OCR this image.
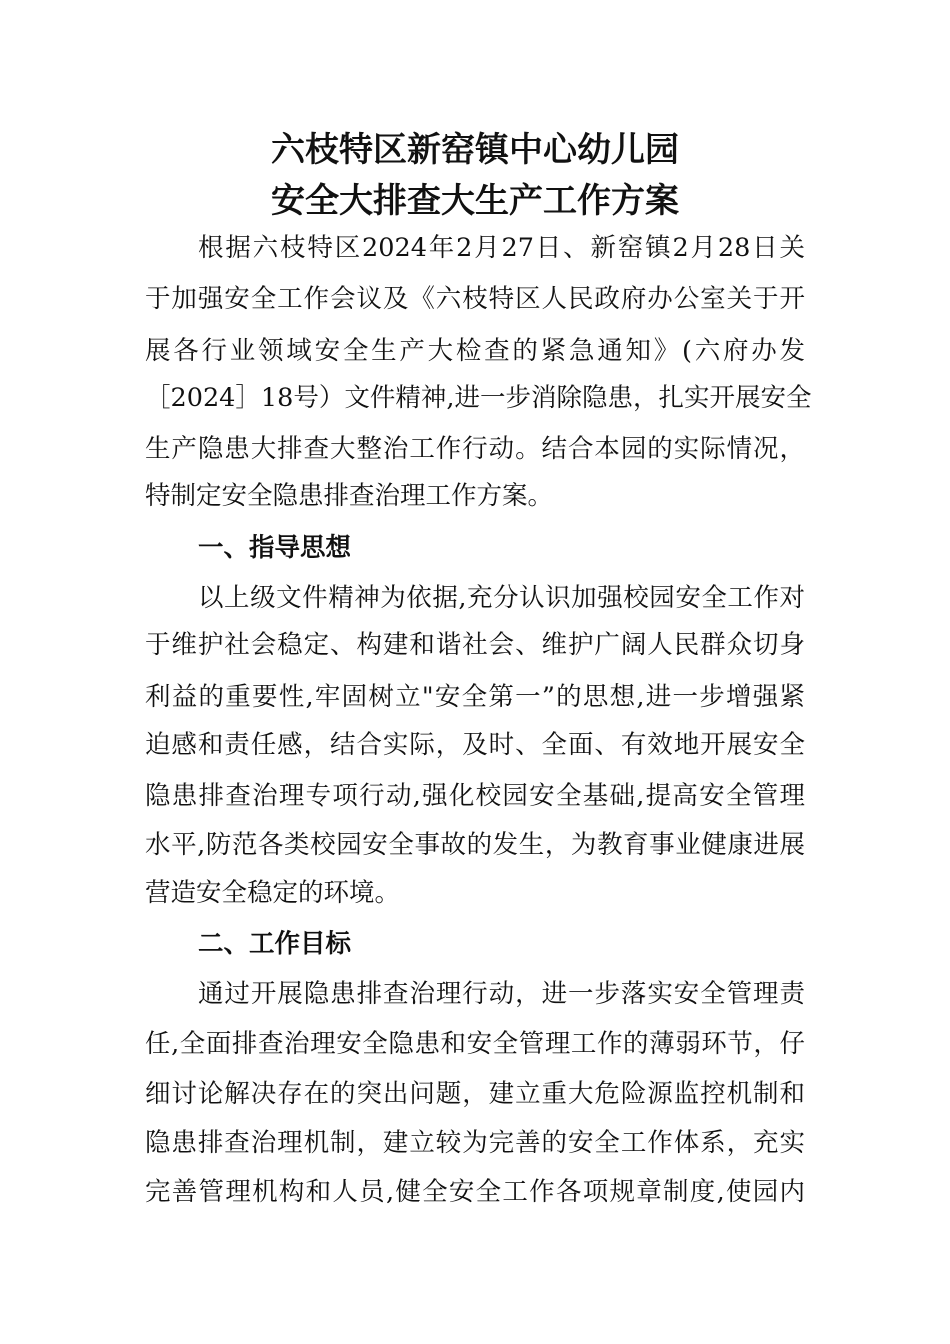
六枝特区新窑镇中心幼儿园
安全大排查大生产工作方案
根据六枝特区2024年2月27日、新窑镇2月28日关
于加强安全工作会议及《六枝特区人民政府办公室关于开
展各行业领域安全生产大检查的紧急通知》(六府办发
［2024］18号）文件精神,进一步消除隐患，扎实开展安全
生产隐患大排查大整治工作行动。结合本园的实际情况，
特制定安全隐患排查治理工作方案。
一、指导思想
以上级文件精神为依据,充分认识加强校园安全工作对
于维护社会稳定、构建和谐社会、维护广阔人民群众切身
利益的重要性,牢固树立"安全第一”的思想,进一步增强紧
迫感和责任感，结合实际，及时、全面、有效地开展安全
隐患排查治理专项行动,强化校园安全基础,提高安全管理
水平,防范各类校园安全事故的发生，为教育事业健康进展
营造安全稳定的环境。
二、工作目标
通过开展隐患排查治理行动，进一步落实安全管理责
任,全面排查治理安全隐患和安全管理工作的薄弱环节，仔
细讨论解决存在的突出问题，建立重大危险源监控机制和
隐患排查治理机制，建立较为完善的安全工作体系，充实
完善管理机构和人员,健全安全工作各项规章制度,使园内
